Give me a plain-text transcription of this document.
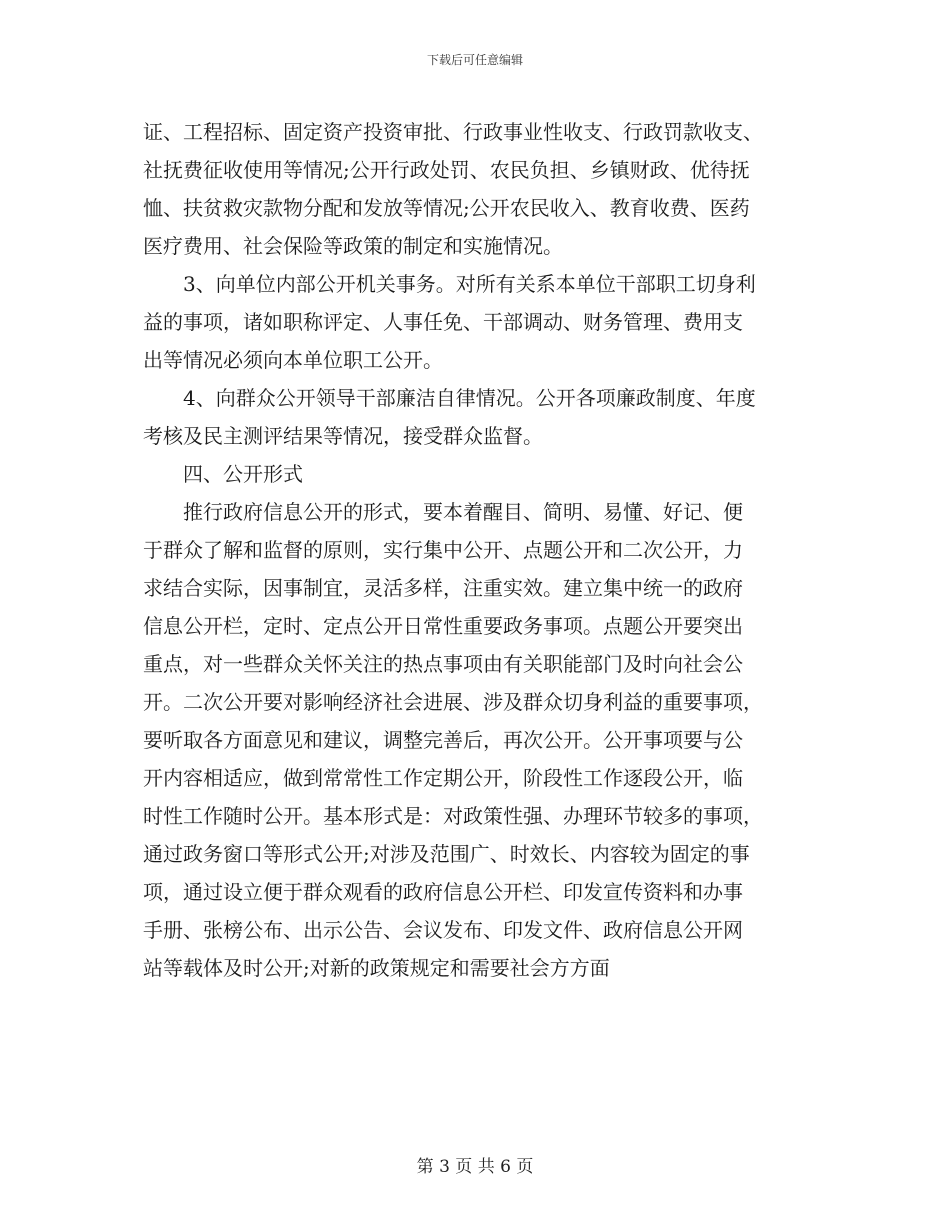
下载后可任意编辑
证、工程招标、固定资产投资审批、行政事业性收支、行政罚款收支、
社抚费征收使用等情况;公开行政处罚、农民负担、乡镇财政、优待抚
恤、扶贫救灾款物分配和发放等情况;公开农民收入、教育收费、医药
医疗费用、社会保险等政策的制定和实施情况。
3、向单位内部公开机关事务。对所有关系本单位干部职工切身利
益的事项，诸如职称评定、人事任免、干部调动、财务管理、费用支
出等情况必须向本单位职工公开。
4、向群众公开领导干部廉洁自律情况。公开各项廉政制度、年度
考核及民主测评结果等情况，接受群众监督。
四、公开形式
推行政府信息公开的形式，要本着醒目、简明、易懂、好记、便
于群众了解和监督的原则，实行集中公开、点题公开和二次公开，力
求结合实际，因事制宜，灵活多样，注重实效。建立集中统一的政府
信息公开栏，定时、定点公开日常性重要政务事项。点题公开要突出
重点，对一些群众关怀关注的热点事项由有关职能部门及时向社会公
开。二次公开要对影响经济社会进展、涉及群众切身利益的重要事项，
要听取各方面意见和建议，调整完善后，再次公开。公开事项要与公
开内容相适应，做到常常性工作定期公开，阶段性工作逐段公开，临
时性工作随时公开。基本形式是：对政策性强、办理环节较多的事项，
通过政务窗口等形式公开;对涉及范围广、时效长、内容较为固定的事
项，通过设立便于群众观看的政府信息公开栏、印发宣传资料和办事
手册、张榜公布、出示公告、会议发布、印发文件、政府信息公开网
站等载体及时公开;对新的政策规定和需要社会方方面
第 3 页 共 6 页
